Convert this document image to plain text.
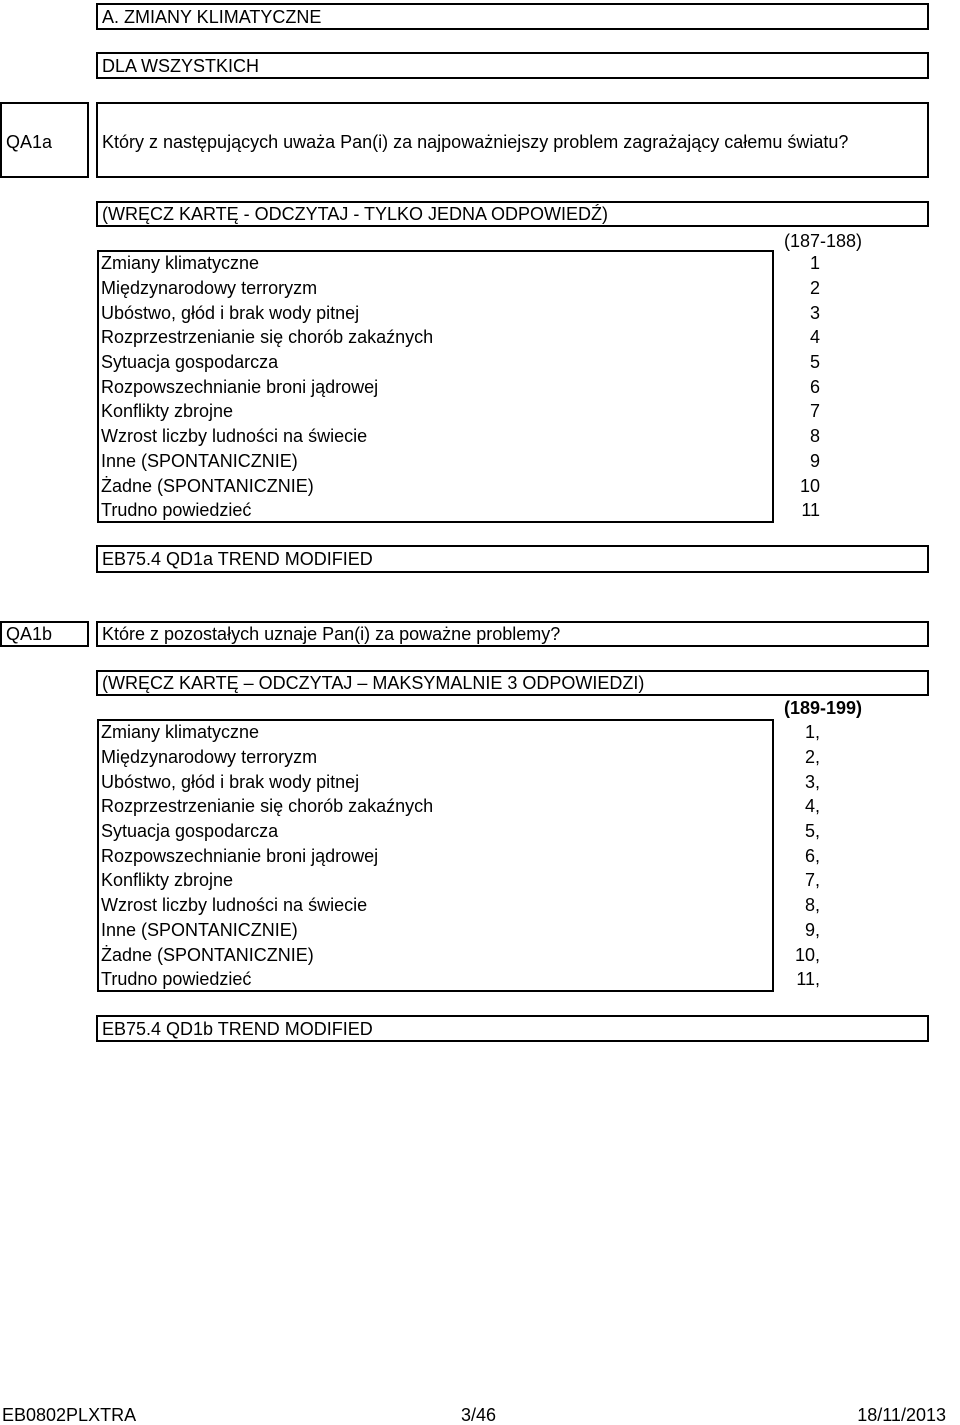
A. ZMIANY KLIMATYCZNE
DLA WSZYSTKICH
QA1a	Który z następujących uważa Pan(i) za najpoważniejszy problem zagrażający całemu światu?
(WRĘCZ KARTĘ - ODCZYTAJ - TYLKO JEDNA ODPOWIEDŹ)
(187-188)
Zmiany klimatyczne	1
Międzynarodowy terroryzm	2
Ubóstwo, głód i brak wody pitnej	3
Rozprzestrzenianie się chorób zakaźnych	4
Sytuacja gospodarcza	5
Rozpowszechnianie broni jądrowej	6
Konflikty zbrojne	7
Wzrost liczby ludności na świecie	8
Inne (SPONTANICZNIE)	9
Żadne (SPONTANICZNIE)	10
Trudno powiedzieć	11
EB75.4 QD1a TREND MODIFIED
QA1b	Które z pozostałych uznaje Pan(i) za poważne problemy?
(WRĘCZ KARTĘ – ODCZYTAJ – MAKSYMALNIE 3 ODPOWIEDZI)
(189-199)
Zmiany klimatyczne	1,
Międzynarodowy terroryzm	2,
Ubóstwo, głód i brak wody pitnej	3,
Rozprzestrzenianie się chorób zakaźnych	4,
Sytuacja gospodarcza	5,
Rozpowszechnianie broni jądrowej	6,
Konflikty zbrojne	7,
Wzrost liczby ludności na świecie	8,
Inne (SPONTANICZNIE)	9,
Żadne (SPONTANICZNIE)	10,
Trudno powiedzieć	11,
EB75.4 QD1b TREND MODIFIED
EB0802PLXTRA	3/46	18/11/2013
